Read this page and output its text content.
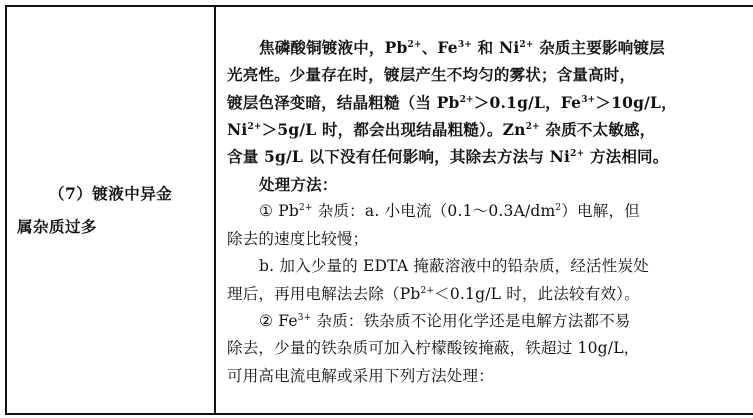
（7）镀液中异金
属杂质过多

焦磷酸铜镀液中，$Pb^{2+}$、$Fe^{3+}$ 和 $Ni^{2+}$ 杂质主要影响镀层
光亮性。少量存在时，镀层产生不均匀的雾状；含量高时，
镀层色泽变暗，结晶粗糙（当 $Pb^{2+}>0.1g/L$，$Fe^{3+}>10g/L$，
$Ni^{2+}>5g/L$ 时，都会出现结晶粗糙）。$Zn^{2+}$ 杂质不太敏感，
含量 5g/L 以下没有任何影响，其除去方法与 $Ni^{2+}$ 方法相同。
处理方法：
① $Pb^{2+}$ 杂质：a. 小电流$(0.1\sim 0.3A/dm^2)$电解，但
除去的速度比较慢；
b. 加入少量的 EDTA 掩蔽溶液中的铅杂质，经活性炭处
理后，再用电解法去除（$Pb^{2+}<0.1g/L$ 时，此法较有效）。
② $Fe^{3+}$ 杂质：铁杂质不论用化学还是电解方法都不易
除去，少量的铁杂质可加入柠檬酸铵掩蔽，铁超过 10g/L，
可用高电流电解或采用下列方法处理：
